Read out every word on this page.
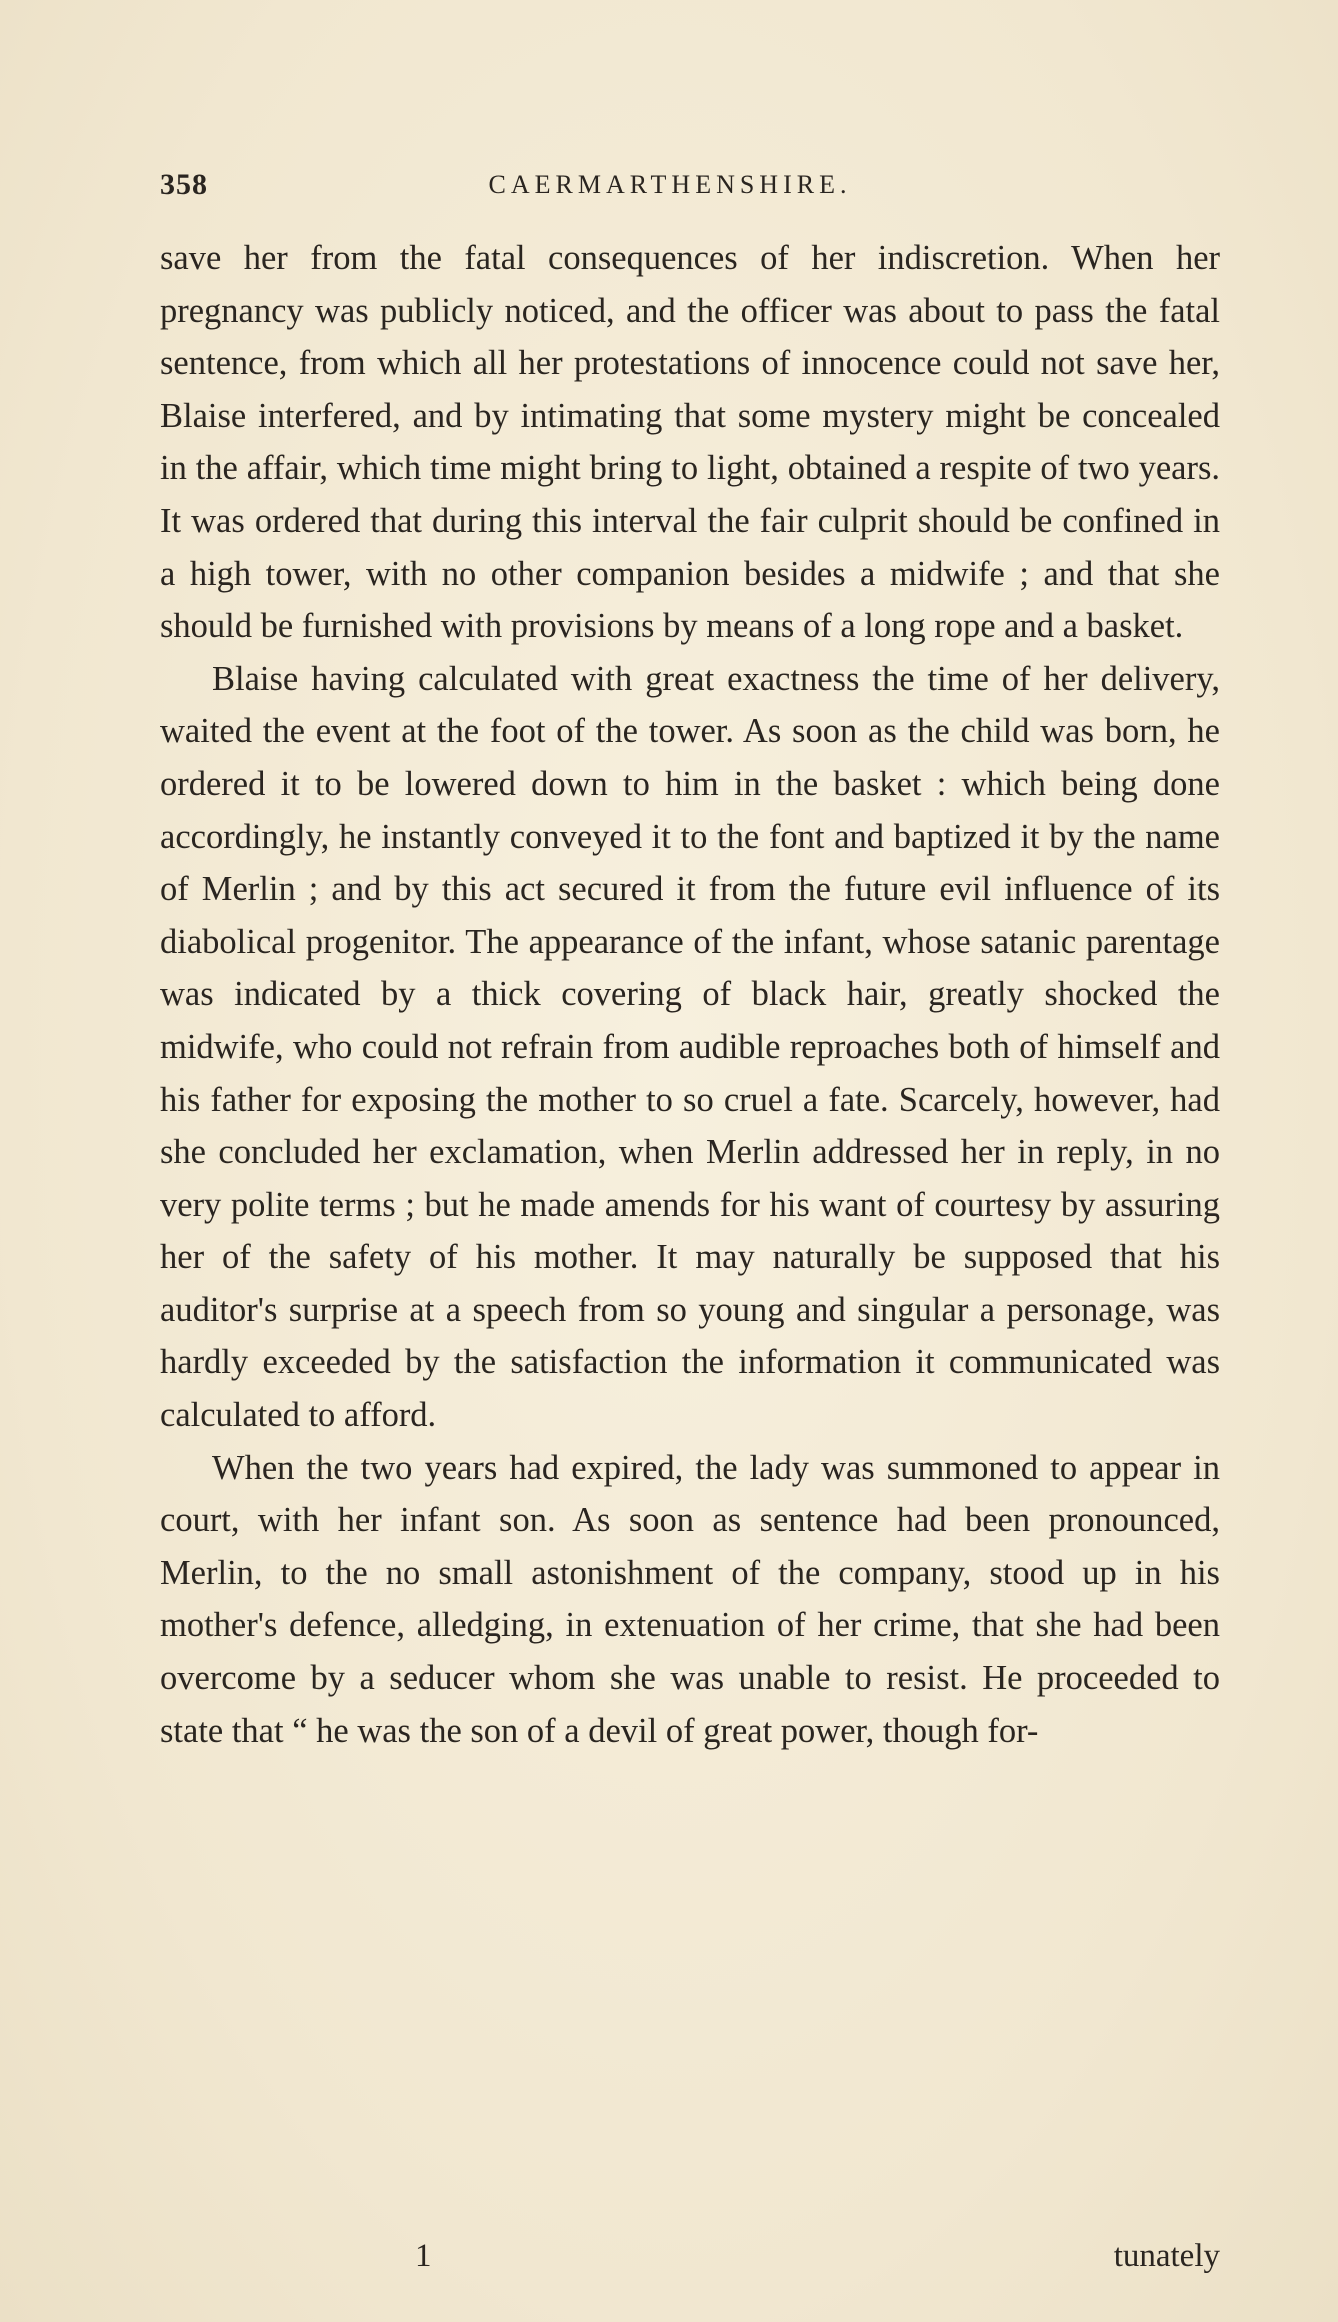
358	CAERMARTHENSHIRE.

save her from the fatal consequences of her indiscretion. When her pregnancy was publicly noticed, and the officer was about to pass the fatal sentence, from which all her protestations of innocence could not save her, Blaise interfered, and by intimating that some mystery might be concealed in the affair, which time might bring to light, obtained a respite of two years. It was ordered that during this interval the fair culprit should be confined in a high tower, with no other companion besides a midwife ; and that she should be furnished with provisions by means of a long rope and a basket.

Blaise having calculated with great exactness the time of her delivery, waited the event at the foot of the tower. As soon as the child was born, he ordered it to be lowered down to him in the basket : which being done accordingly, he instantly conveyed it to the font and baptized it by the name of Merlin ; and by this act secured it from the future evil influence of its diabolical progenitor. The appearance of the infant, whose satanic parentage was indicated by a thick covering of black hair, greatly shocked the midwife, who could not refrain from audible reproaches both of himself and his father for exposing the mother to so cruel a fate. Scarcely, however, had she concluded her exclamation, when Merlin addressed her in reply, in no very polite terms ; but he made amends for his want of courtesy by assuring her of the safety of his mother. It may naturally be supposed that his auditor's surprise at a speech from so young and singular a personage, was hardly exceeded by the satisfaction the information it communicated was calculated to afford.

When the two years had expired, the lady was summoned to appear in court, with her infant son. As soon as sentence had been pronounced, Merlin, to the no small astonishment of the company, stood up in his mother's defence, alledging, in extenuation of her crime, that she had been overcome by a seducer whom she was unable to resist. He proceeded to state that “ he was the son of a devil of great power, though for-

1	tunately
